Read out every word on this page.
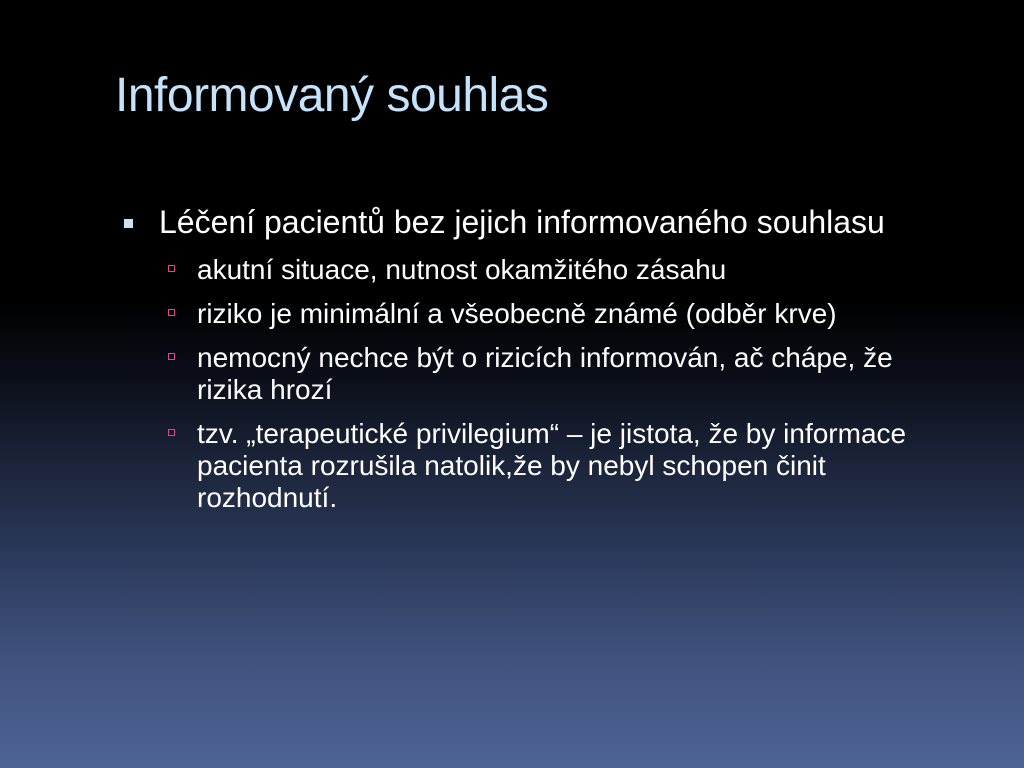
Informovaný souhlas
Léčení pacientů bez jejich informovaného souhlasu
akutní situace, nutnost okamžitého zásahu
riziko je minimální a všeobecně známé (odběr krve)
nemocný nechce být o rizicích informován, ač chápe, že rizika hrozí
tzv. „terapeutické privilegium“ – je jistota, že by informace pacienta rozrušila natolik,že by nebyl schopen činit rozhodnutí.
